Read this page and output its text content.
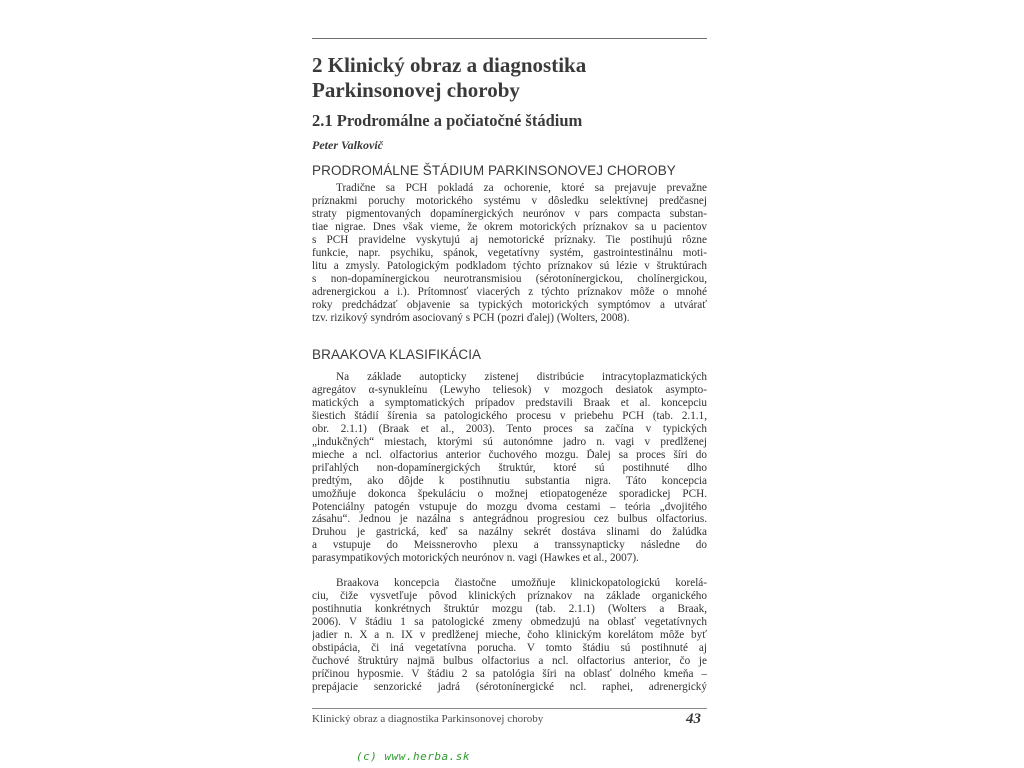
2 Klinický obraz a diagnostika
Parkinsonovej choroby
2.1 Prodromálne a počiatočné štádium
Peter Valkovič
PRODROMÁLNE ŠTÁDIUM PARKINSONOVEJ CHOROBY
Tradične sa PCH pokladá za ochorenie, ktoré sa prejavuje prevažne
príznakmi poruchy motorického systému v dôsledku selektívnej predčasnej
straty pigmentovaných dopamínergických neurónov v pars compacta substan-
tiae nigrae. Dnes však vieme, že okrem motorických príznakov sa u pacientov
s PCH pravidelne vyskytujú aj nemotorické príznaky. Tie postihujú rôzne
funkcie, napr. psychiku, spánok, vegetatívny systém, gastrointestinálnu moti-
litu a zmysly. Patologickým podkladom týchto príznakov sú lézie v štruktúrach
s non-dopamínergickou neurotransmisiou (sérotonínergickou, cholínergickou,
adrenergickou a i.). Prítomnosť viacerých z týchto príznakov môže o mnohé
roky predchádzať objavenie sa typických motorických symptómov a utvárať
tzv. rizikový syndróm asociovaný s PCH (pozri ďalej) (Wolters, 2008).
BRAAKOVA KLASIFIKÁCIA
Na základe autopticky zistenej distribúcie intracytoplazmatických
agregátov α-synukleínu (Lewyho teliesok) v mozgoch desiatok asympto-
matických a symptomatických prípadov predstavili Braak et al. koncepciu
šiestich štádií šírenia sa patologického procesu v priebehu PCH (tab. 2.1.1,
obr. 2.1.1) (Braak et al., 2003). Tento proces sa začína v typických
„indukčných“ miestach, ktorými sú autonómne jadro n. vagi v predĺženej
mieche a ncl. olfactorius anterior čuchového mozgu. Ďalej sa proces šíri do
priľahlých non-dopamínergických štruktúr, ktoré sú postihnuté dlho
predtým, ako dôjde k postihnutiu substantia nigra. Táto koncepcia
umožňuje dokonca špekuláciu o možnej etiopatogenéze sporadickej PCH.
Potenciálny patogén vstupuje do mozgu dvoma cestami – teória „dvojitého
zásahu“. Jednou je nazálna s antegrádnou progresiou cez bulbus olfactorius.
Druhou je gastrická, keď sa nazálny sekrét dostáva slinami do žalúdka
a vstupuje do Meissnerovho plexu a transsynapticky následne do
parasympatikových motorických neurónov n. vagi (Hawkes et al., 2007).
Braakova koncepcia čiastočne umožňuje klinickopatologickú korelá-
ciu, čiže vysvetľuje pôvod klinických príznakov na základe organického
postihnutia konkrétnych štruktúr mozgu (tab. 2.1.1) (Wolters a Braak,
2006). V štádiu 1 sa patologické zmeny obmedzujú na oblasť vegetatívnych
jadier n. X a n. IX v predĺženej mieche, čoho klinickým korelátom môže byť
obstipácia, či iná vegetatívna porucha. V tomto štádiu sú postihnuté aj
čuchové štruktúry najmä bulbus olfactorius a ncl. olfactorius anterior, čo je
príčinou hyposmie. V štádiu 2 sa patológia šíri na oblasť dolného kmeňa –
prepájacie senzorické jadrá (sérotonínergické ncl. raphei, adrenergický
Klinický obraz a diagnostika Parkinsonovej choroby	43
(c) www.herba.sk
